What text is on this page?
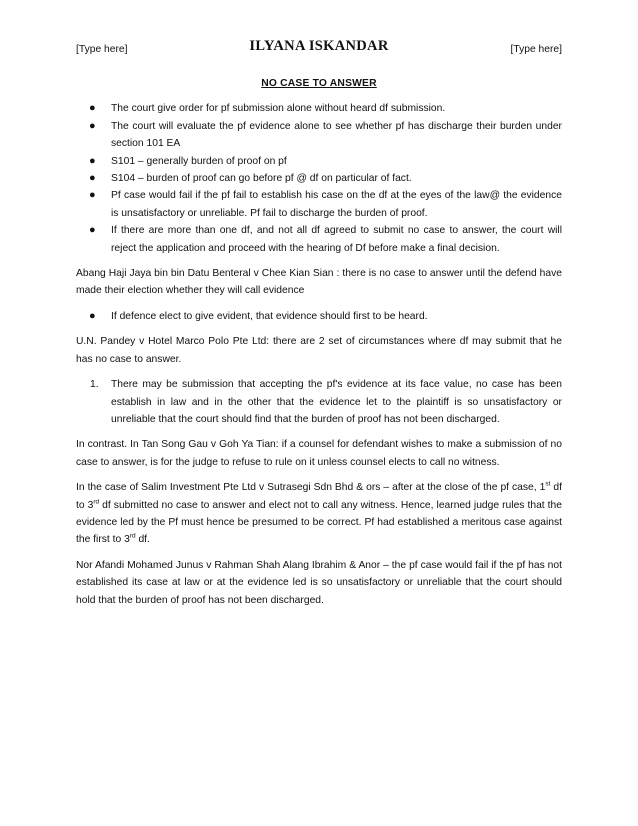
[Type here]	ILYANA ISKANDAR	[Type here]
NO CASE TO ANSWER
● The court give order for pf submission alone without heard df submission.
● The court will evaluate the pf evidence alone to see whether pf has discharge their burden under section 101 EA
● S101 – generally burden of proof on pf
● S104 – burden of proof can go before pf @ df on particular of fact.
● Pf case would fail if the pf fail to establish his case on the df at the eyes of the law@ the evidence is unsatisfactory or unreliable. Pf fail to discharge the burden of proof.
● If there are more than one df, and not all df agreed to submit no case to answer, the court will reject the application and proceed with the hearing of Df before make a final decision.

Abang Haji Jaya bin bin Datu Benteral v Chee Kian Sian : there is no case to answer until the defend have made their election whether they will call evidence

● If defence elect to give evident, that evidence should first to be heard.

U.N. Pandey v Hotel Marco Polo Pte Ltd: there are 2 set of circumstances where df may submit that he has no case to answer.

1. There may be submission that accepting the pf's evidence at its face value, no case has been establish in law and in the other that the evidence let to the plaintiff is so unsatisfactory or unreliable that the court should find that the burden of proof has not been discharged.

In contrast. In Tan Song Gau v Goh Ya Tian: if a counsel for defendant wishes to make a submission of no case to answer, is for the judge to refuse to rule on it unless counsel elects to call no witness.

In the case of Salim Investment Pte Ltd v Sutrasegi Sdn Bhd & ors – after at the close of the pf case, 1st df to 3rd df submitted no case to answer and elect not to call any witness. Hence, learned judge rules that the evidence led by the Pf must hence be presumed to be correct. Pf had established a meritous case against the first to 3rd df.

Nor Afandi Mohamed Junus v Rahman Shah Alang Ibrahim & Anor – the pf case would fail if the pf has not established its case at law or at the evidence led is so unsatisfactory or unreliable that the court should hold that the burden of proof has not been discharged.
